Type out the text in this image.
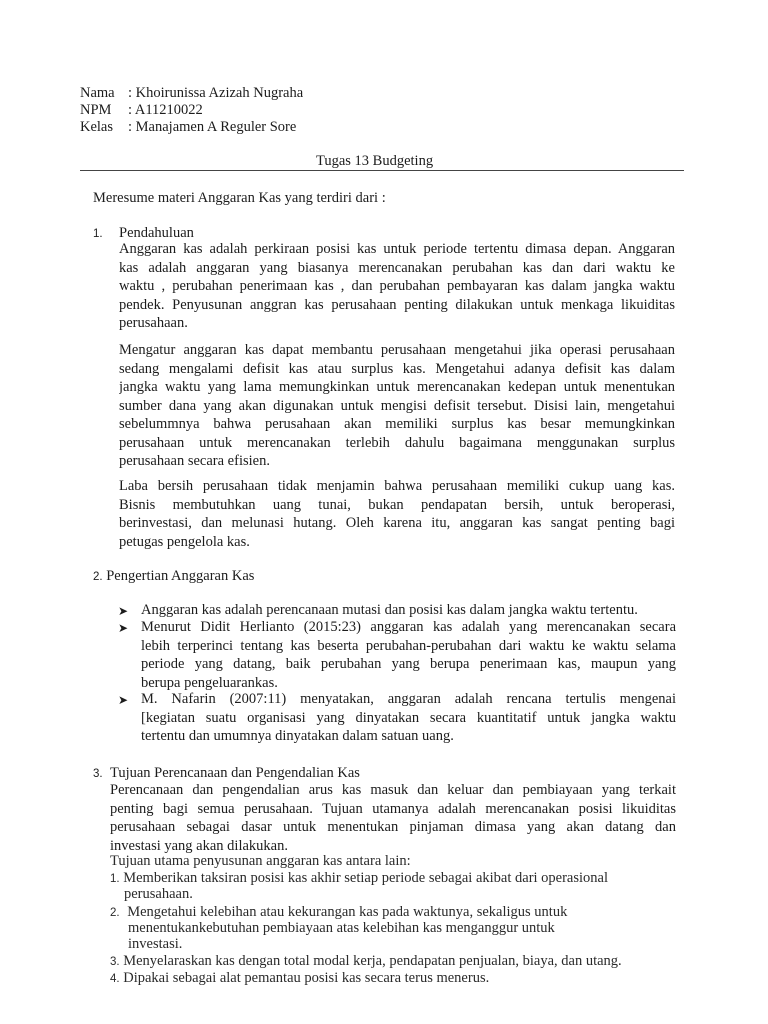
Nama : Khoirunissa Azizah Nugraha
NPM : A11210022
Kelas : Manajamen A Reguler Sore
Tugas 13 Budgeting
Meresume materi Anggaran Kas yang terdiri dari :
1. Pendahuluan
Anggaran kas adalah perkiraan posisi kas untuk periode tertentu dimasa depan. Anggaran
kas adalah anggaran yang biasanya merencanakan perubahan kas dan dari waktu ke
waktu , perubahan penerimaan kas , dan perubahan pembayaran kas dalam jangka waktu
pendek. Penyusunan anggran kas perusahaan penting dilakukan untuk menkaga likuiditas
perusahaan.
Mengatur anggaran kas dapat membantu perusahaan mengetahui jika operasi perusahaan
sedang mengalami defisit kas atau surplus kas. Mengetahui adanya defisit kas dalam
jangka waktu yang lama memungkinkan untuk merencanakan kedepan untuk menentukan
sumber dana yang akan digunakan untuk mengisi defisit tersebut. Disisi lain, mengetahui
sebelummnya bahwa perusahaan akan memiliki surplus kas besar memungkinkan
perusahaan untuk merencanakan terlebih dahulu bagaimana menggunakan surplus
perusahaan secara efisien.
Laba bersih perusahaan tidak menjamin bahwa perusahaan memiliki cukup uang kas.
Bisnis membutuhkan uang tunai, bukan pendapatan bersih, untuk beroperasi,
berinvestasi, dan melunasi hutang. Oleh karena itu, anggaran kas sangat penting bagi
petugas pengelola kas.
2. Pengertian Anggaran Kas
➤ Anggaran kas adalah perencanaan mutasi dan posisi kas dalam jangka waktu tertentu.
➤ Menurut Didit Herlianto (2015:23) anggaran kas adalah yang merencanakan secara
lebih terperinci tentang kas beserta perubahan-perubahan dari waktu ke waktu selama
periode yang datang, baik perubahan yang berupa penerimaan kas, maupun yang
berupa pengeluarankas.
➤ M. Nafarin (2007:11) menyatakan, anggaran adalah rencana tertulis mengenai
[kegiatan suatu organisasi yang dinyatakan secara kuantitatif untuk jangka waktu
tertentu dan umumnya dinyatakan dalam satuan uang.
3. Tujuan Perencanaan dan Pengendalian Kas
Perencanaan dan pengendalian arus kas masuk dan keluar dan pembiayaan yang terkait
penting bagi semua perusahaan. Tujuan utamanya adalah merencanakan posisi likuiditas
perusahaan sebagai dasar untuk menentukan pinjaman dimasa yang akan datang dan
investasi yang akan dilakukan.
Tujuan utama penyusunan anggaran kas antara lain:
1. Memberikan taksiran posisi kas akhir setiap periode sebagai akibat dari operasional
perusahaan.
2. Mengetahui kelebihan atau kekurangan kas pada waktunya, sekaligus untuk
menentukankebutuhan pembiayaan atas kelebihan kas menganggur untuk
investasi.
3. Menyelaraskan kas dengan total modal kerja, pendapatan penjualan, biaya, dan utang.
4. Dipakai sebagai alat pemantau posisi kas secara terus menerus.
